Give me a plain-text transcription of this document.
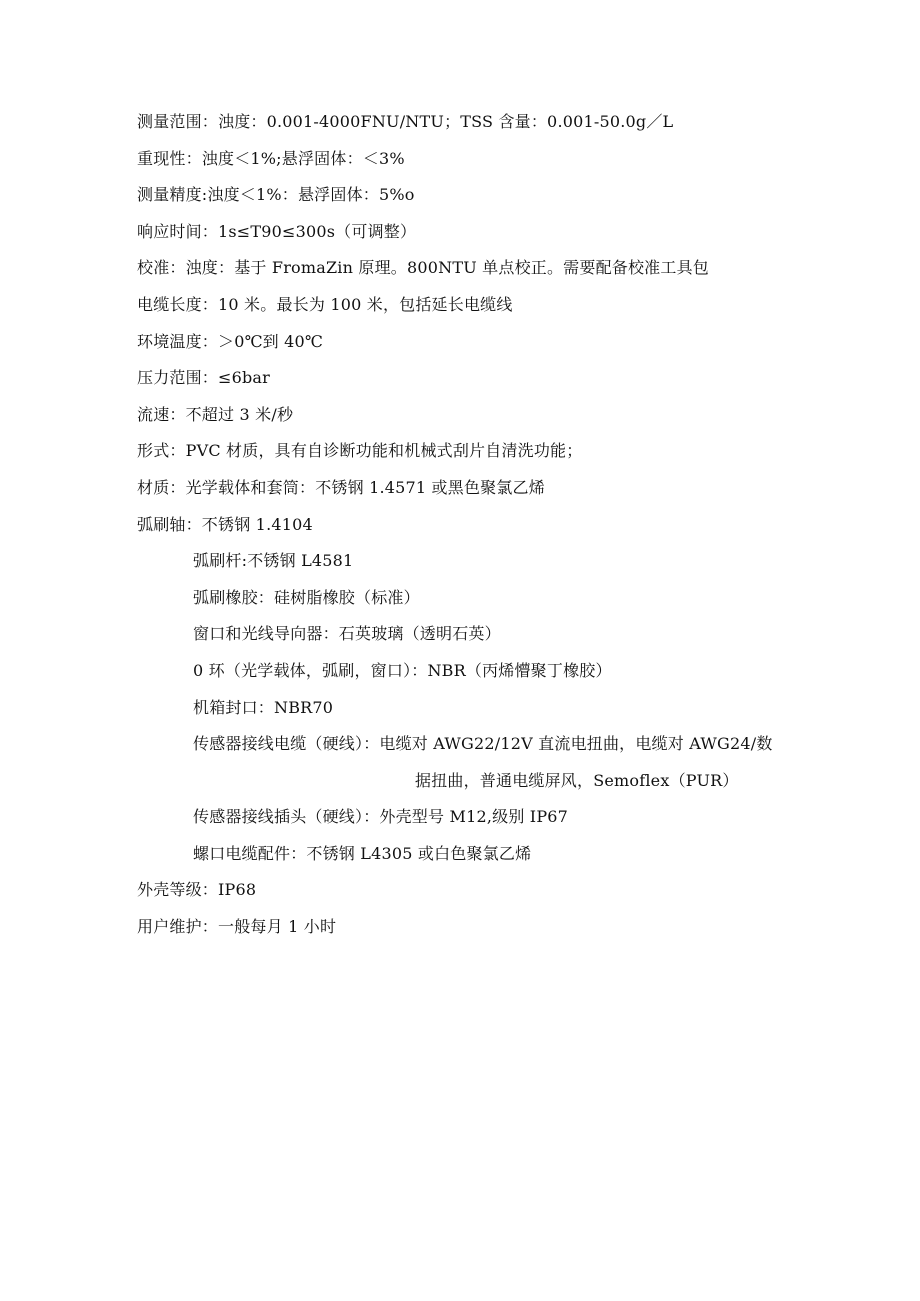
测量范围：浊度：0.001-4000FNU/NTU；TSS 含量：0.001-50.0g／L
重现性：浊度＜1%;悬浮固体：＜3%
测量精度:浊度＜1%：悬浮固体：5%o
响应时间：1s≤T90≤300s（可调整）
校准：浊度：基于 FromaZin 原理。800NTU 单点校正。需要配备校准工具包
电缆长度：10 米。最长为 100 米，包括延长电缆线
环境温度：＞0℃到 40℃
压力范围：≤6bar
流速：不超过 3 米/秒
形式：PVC 材质，具有自诊断功能和机械式刮片自清洗功能；
材质：光学载体和套筒：不锈钢 1.4571 或黑色聚氯乙烯
弧刷轴：不锈钢 1.4104
弧刷杆:不锈钢 L4581
弧刷橡胶：硅树脂橡胶（标准）
窗口和光线导向器：石英玻璃（透明石英）
0 环（光学载体，弧刷，窗口）：NBR（丙烯懵聚丁橡胶）
机箱封口：NBR70
传感器接线电缆（硬线）：电缆对 AWG22/12V 直流电扭曲，电缆对 AWG24/数
据扭曲，普通电缆屏风，Semoflex（PUR）
传感器接线插头（硬线）：外壳型号 M12,级别 IP67
螺口电缆配件：不锈钢 L4305 或白色聚氯乙烯
外壳等级：IP68
用户维护：一般每月 1 小时
